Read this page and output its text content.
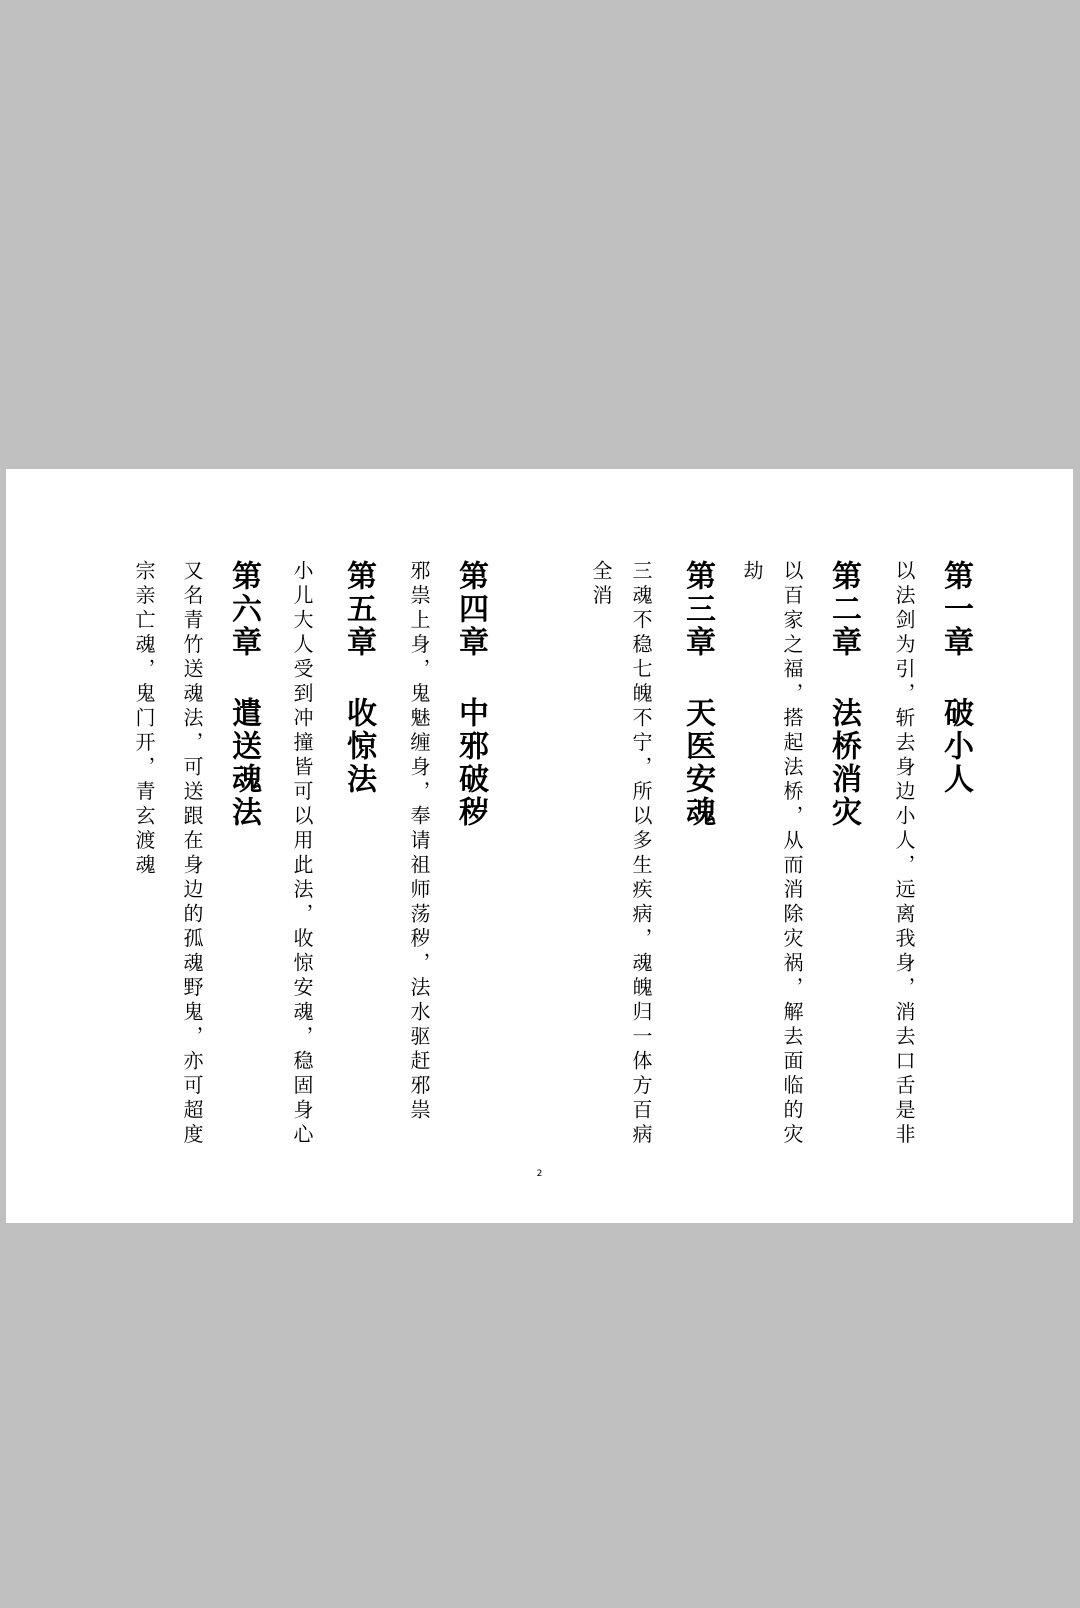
第一章 破小人
以法剑为引，斩去身边小人，远离我身，消去口舌是非
第二章 法桥消灾
以百家之福，搭起法桥，从而消除灾祸，解去面临的灾
劫
第三章 天医安魂
三魂不稳七魄不宁，所以多生疾病，魂魄归一体方百病
全消
第四章 中邪破秽
邪祟上身，鬼魅缠身，奉请祖师荡秽，法水驱赶邪祟
第五章 收惊法
小儿大人受到冲撞皆可以用此法，收惊安魂，稳固身心
第六章 遣送魂法
又名青竹送魂法，可送跟在身边的孤魂野鬼，亦可超度
宗亲亡魂，鬼门开，青玄渡魂
2
